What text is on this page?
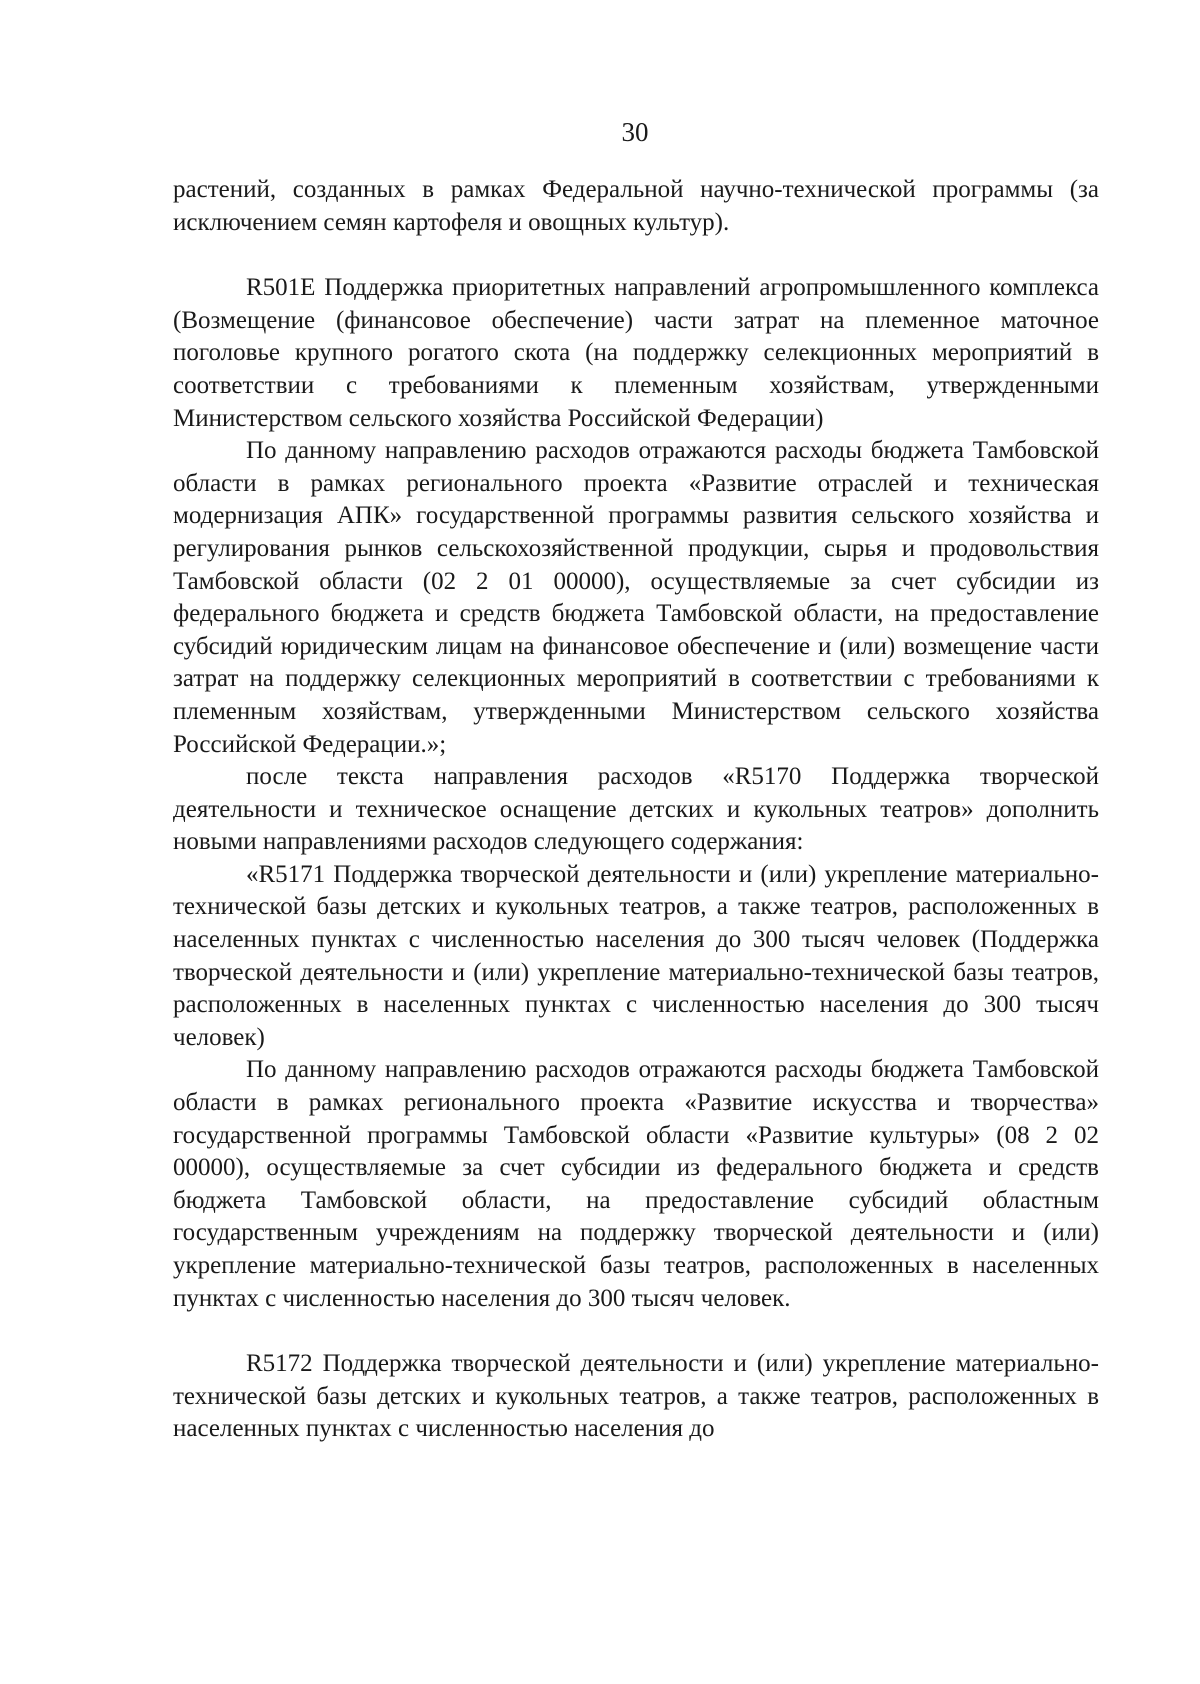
30

растений, созданных в рамках Федеральной научно-технической программы (за исключением семян картофеля и овощных культур).

R501E Поддержка приоритетных направлений агропромышленного комплекса (Возмещение (финансовое обеспечение) части затрат на племенное маточное поголовье крупного рогатого скота (на поддержку селекционных мероприятий в соответствии с требованиями к племенным хозяйствам, утвержденными Министерством сельского хозяйства Российской Федерации)

По данному направлению расходов отражаются расходы бюджета Тамбовской области в рамках регионального проекта «Развитие отраслей и техническая модернизация АПК» государственной программы развития сельского хозяйства и регулирования рынков сельскохозяйственной продукции, сырья и продовольствия Тамбовской области (02 2 01 00000), осуществляемые за счет субсидии из федерального бюджета и средств бюджета Тамбовской области, на предоставление субсидий юридическим лицам на финансовое обеспечение и (или) возмещение части затрат на поддержку селекционных мероприятий в соответствии с требованиями к племенным хозяйствам, утвержденными Министерством сельского хозяйства Российской Федерации.»;

после текста направления расходов «R5170 Поддержка творческой деятельности и техническое оснащение детских и кукольных театров» дополнить новыми направлениями расходов следующего содержания:

«R5171 Поддержка творческой деятельности и (или) укрепление материально-технической базы детских и кукольных театров, а также театров, расположенных в населенных пунктах с численностью населения до 300 тысяч человек (Поддержка творческой деятельности и (или) укрепление материально-технической базы театров, расположенных в населенных пунктах с численностью населения до 300 тысяч человек)

По данному направлению расходов отражаются расходы бюджета Тамбовской области в рамках регионального проекта «Развитие искусства и творчества» государственной программы Тамбовской области «Развитие культуры» (08 2 02 00000), осуществляемые за счет субсидии из федерального бюджета и средств бюджета Тамбовской области, на предоставление субсидий областным государственным учреждениям на поддержку творческой деятельности и (или) укрепление материально-технической базы театров, расположенных в населенных пунктах с численностью населения до 300 тысяч человек.

R5172 Поддержка творческой деятельности и (или) укрепление материально-технической базы детских и кукольных театров, а также театров, расположенных в населенных пунктах с численностью населения до
